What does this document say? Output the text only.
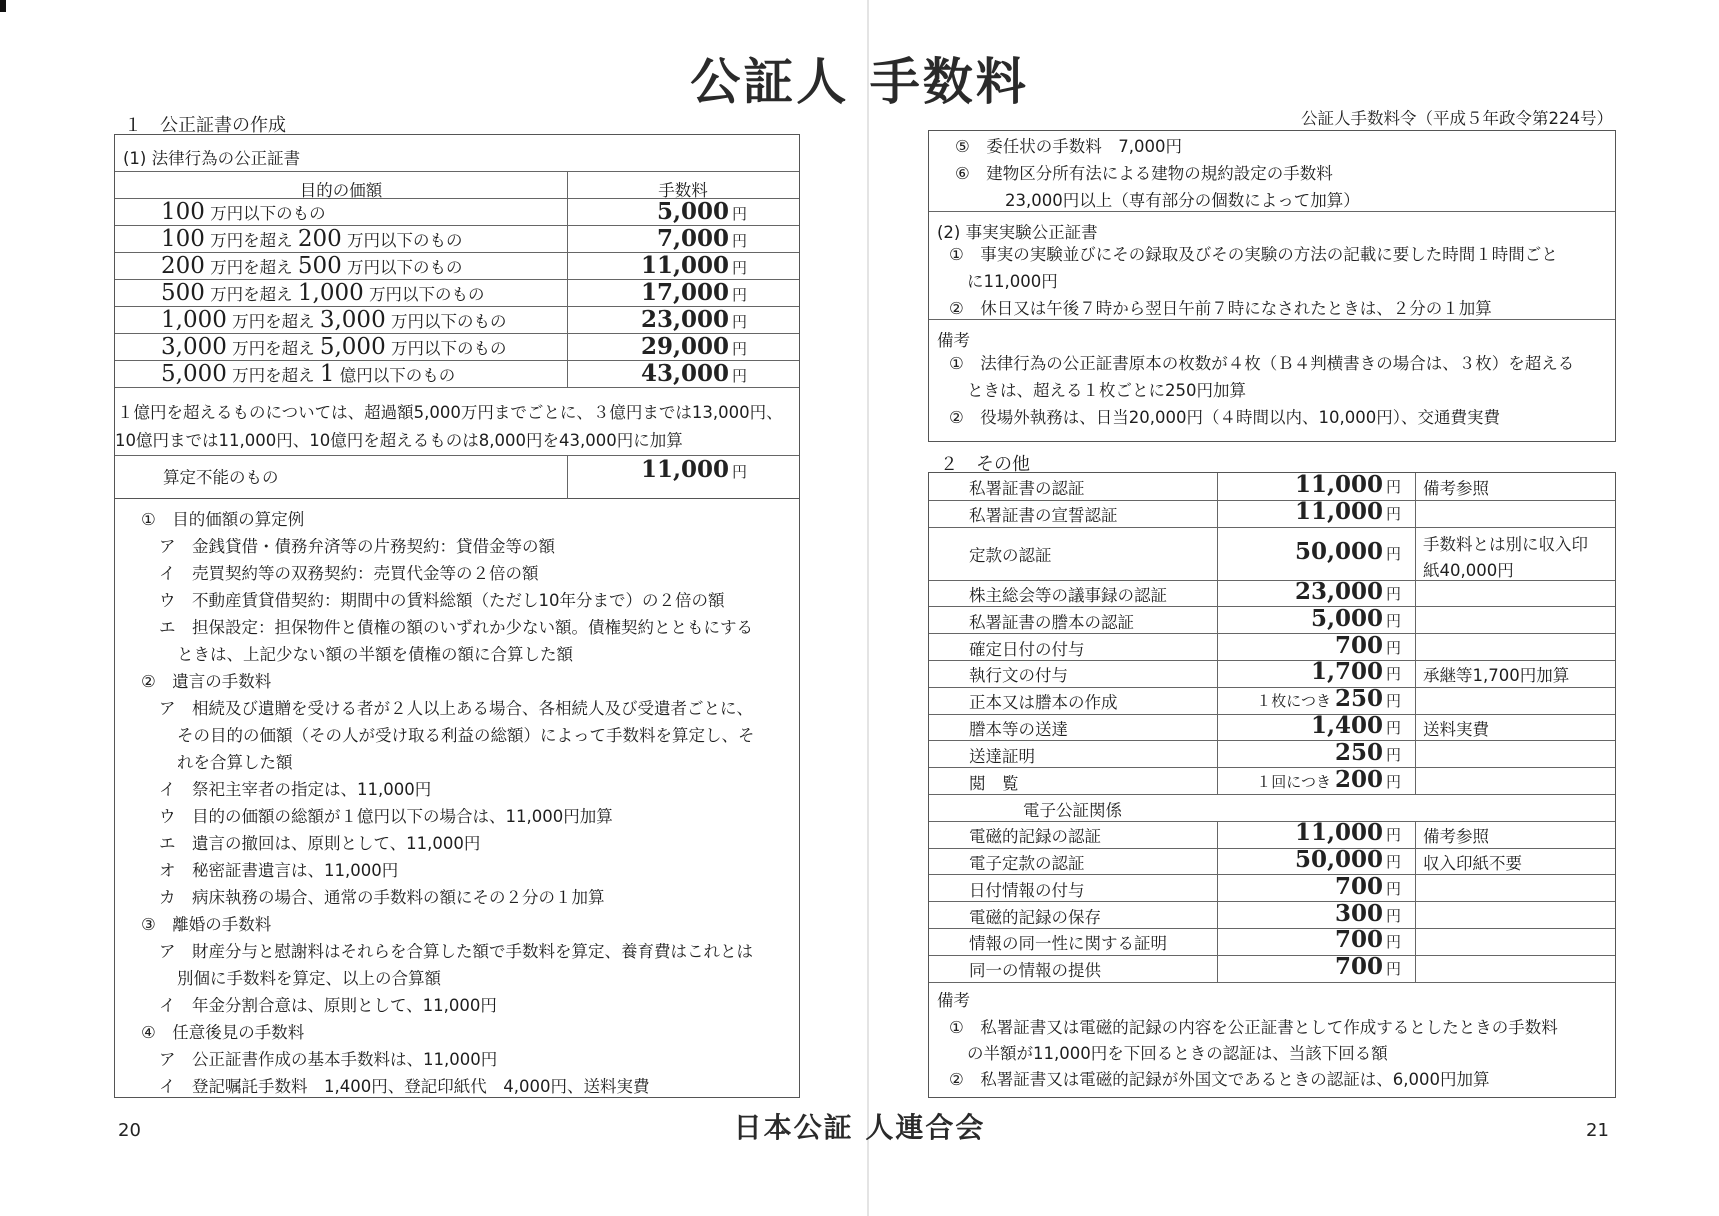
公証人 手数料
１　公正証書の作成
(1) 法律行為の公正証書
目的の価額	手数料
100 万円以下のもの	5,000 円
100 万円を超え 200 万円以下のもの	7,000 円
200 万円を超え 500 万円以下のもの	11,000 円
500 万円を超え 1,000 万円以下のもの	17,000 円
1,000 万円を超え 3,000 万円以下のもの	23,000 円
3,000 万円を超え 5,000 万円以下のもの	29,000 円
5,000 万円を超え 1 億円以下のもの	43,000 円
１億円を超えるものについては、超過額5,000万円までごとに、３億円までは13,000円、
10億円までは11,000円、10億円を超えるものは8,000円を43,000円に加算
算定不能のもの	11,000 円
①　目的価額の算定例
ア　金銭貸借・債務弁済等の片務契約：貸借金等の額
イ　売買契約等の双務契約：売買代金等の２倍の額
ウ　不動産賃貸借契約：期間中の賃料総額（ただし10年分まで）の２倍の額
エ　担保設定：担保物件と債権の額のいずれか少ない額。債権契約とともにする
ときは、上記少ない額の半額を債権の額に合算した額
②　遺言の手数料
ア　相続及び遺贈を受ける者が２人以上ある場合、各相続人及び受遺者ごとに、
その目的の価額（その人が受け取る利益の総額）によって手数料を算定し、そ
れを合算した額
イ　祭祀主宰者の指定は、11,000円
ウ　目的の価額の総額が１億円以下の場合は、11,000円加算
エ　遺言の撤回は、原則として、11,000円
オ　秘密証書遺言は、11,000円
カ　病床執務の場合、通常の手数料の額にその２分の１加算
③　離婚の手数料
ア　財産分与と慰謝料はそれらを合算した額で手数料を算定、養育費はこれとは
別個に手数料を算定、以上の合算額
イ　年金分割合意は、原則として、11,000円
④　任意後見の手数料
ア　公正証書作成の基本手数料は、11,000円
イ　登記嘱託手数料　1,400円、登記印紙代　4,000円、送料実費
公証人手数料令（平成５年政令第224号）
⑤　委任状の手数料　7,000円
⑥　建物区分所有法による建物の規約設定の手数料
23,000円以上（専有部分の個数によって加算）
(2) 事実実験公正証書
①　事実の実験並びにその録取及びその実験の方法の記載に要した時間１時間ごと
に11,000円
②　休日又は午後７時から翌日午前７時になされたときは、２分の１加算
備考
①　法律行為の公正証書原本の枚数が４枚（Ｂ４判横書きの場合は、３枚）を超える
ときは、超える１枚ごとに250円加算
②　役場外執務は、日当20,000円（４時間以内、10,000円）、交通費実費
２　その他
私署証書の認証	11,000 円 備考参照
私署証書の宣誓認証	11,000 円
定款の認証	50,000 円
手数料とは別に収入印
紙40,000円
株主総会等の議事録の認証	23,000 円
私署証書の謄本の認証	5,000 円
確定日付の付与	700 円
執行文の付与	1,700 円 承継等1,700円加算
正本又は謄本の作成	１枚につき 250 円
謄本等の送達	1,400 円 送料実費
送達証明	250 円
閲　覧	１回につき 200 円
電子公証関係
電磁的記録の認証	11,000 円 備考参照
電子定款の認証	50,000 円 収入印紙不要
日付情報の付与	700 円
電磁的記録の保存	300 円
情報の同一性に関する証明	700 円
同一の情報の提供	700 円
備考
①　私署証書又は電磁的記録の内容を公正証書として作成するとしたときの手数料
の半額が11,000円を下回るときの認証は、当該下回る額
②　私署証書又は電磁的記録が外国文であるときの認証は、6,000円加算
日本公証 人連合会
20	21
